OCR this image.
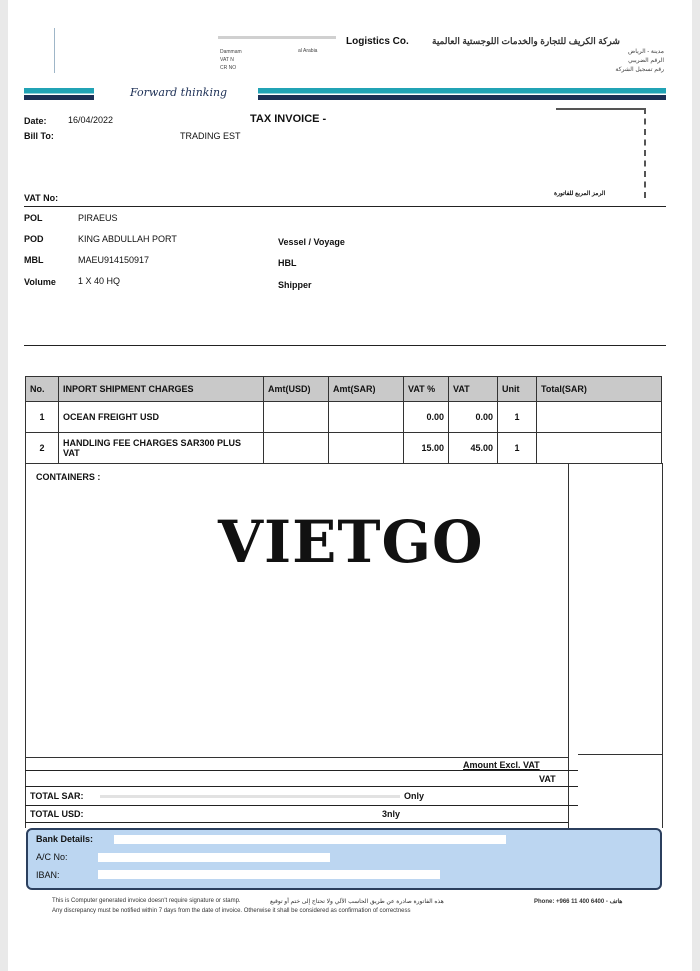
Logistics Co.
Dammam
VAT N
CR NO
al Arabia
شركة الكريف للتجارة والخدمات اللوجستية العالمية
مدينة - الرياض
الرقم الضريبي
رقم تسجيل الشركة
Forward thinking
Date: 16/04/2022	TAX INVOICE -
Bill To:	TRADING EST
الرمز المربع للفاتورة
VAT No:
POL	PIRAEUS
POD	KING ABDULLAH PORT
MBL	MAEU914150917
Volume 1 X 40 HQ
Vessel / Voyage
HBL
Shipper
No.	INPORT SHIPMENT CHARGES	Amt(USD)	Amt(SAR)	VAT %	VAT	Unit	Total(SAR)
1	OCEAN FREIGHT USD			0.00	0.00	1	
2	HANDLING FEE CHARGES SAR300 PLUS VAT			15.00	45.00	1	
CONTAINERS :
VIETGO
Amount Excl. VAT
VAT
TOTAL SAR:	Only
TOTAL USD:	3nly
Bank Details:
A/C No:
IBAN:
This is Computer generated invoice doesn't require signature or stamp.
Any discrepancy must be notified within 7 days from the date of invoice. Otherwise it shall be considered as confirmation of correctness
هذه الفاتورة صادرة عن طريق الحاسب الآلي ولا تحتاج إلى ختم أو توقيع	Phone: +966 11 400 6400 - هاتف
